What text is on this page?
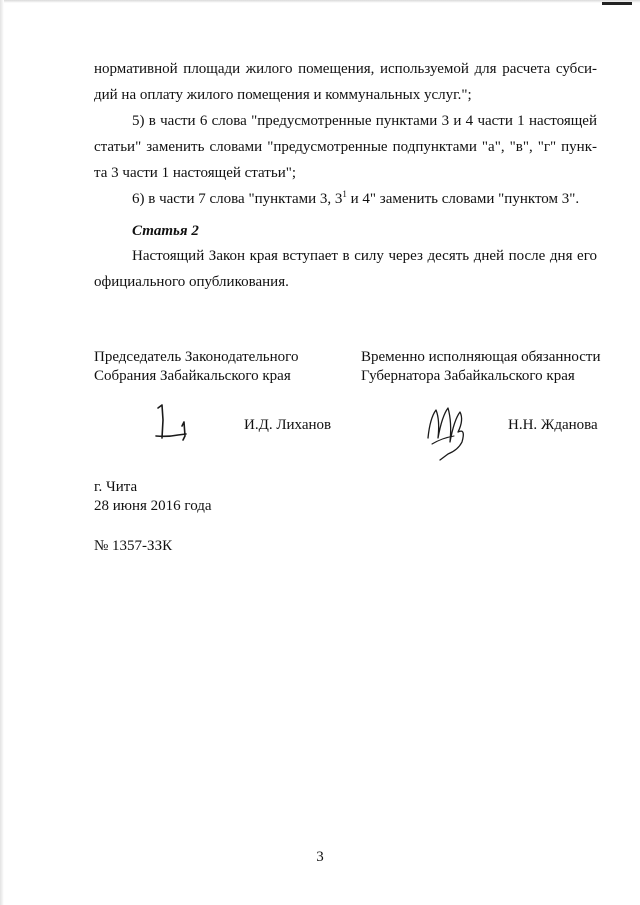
нормативной площади жилого помещения, используемой для расчета субси-
дий на оплату жилого помещения и коммунальных услуг.";

5) в части 6 слова "предусмотренные пунктами 3 и 4 части 1 настоящей
статьи" заменить словами "предусмотренные подпунктами "а", "в", "г" пунк-
та 3 части 1 настоящей статьи";

6) в части 7 слова "пунктами 3, $3^1$ и 4" заменить словами "пунктом 3".

Статья 2

Настоящий Закон края вступает в силу через десять дней после дня его
официального опубликования.

Председатель Законодательного
Собрания Забайкальского края
Временно исполняющая обязанности
Губернатора Забайкальского края
И.Д. Лиханов	Н.Н. Жданова
г. Чита
28 июня 2016 года
№ 1357-ЗЗК
3
